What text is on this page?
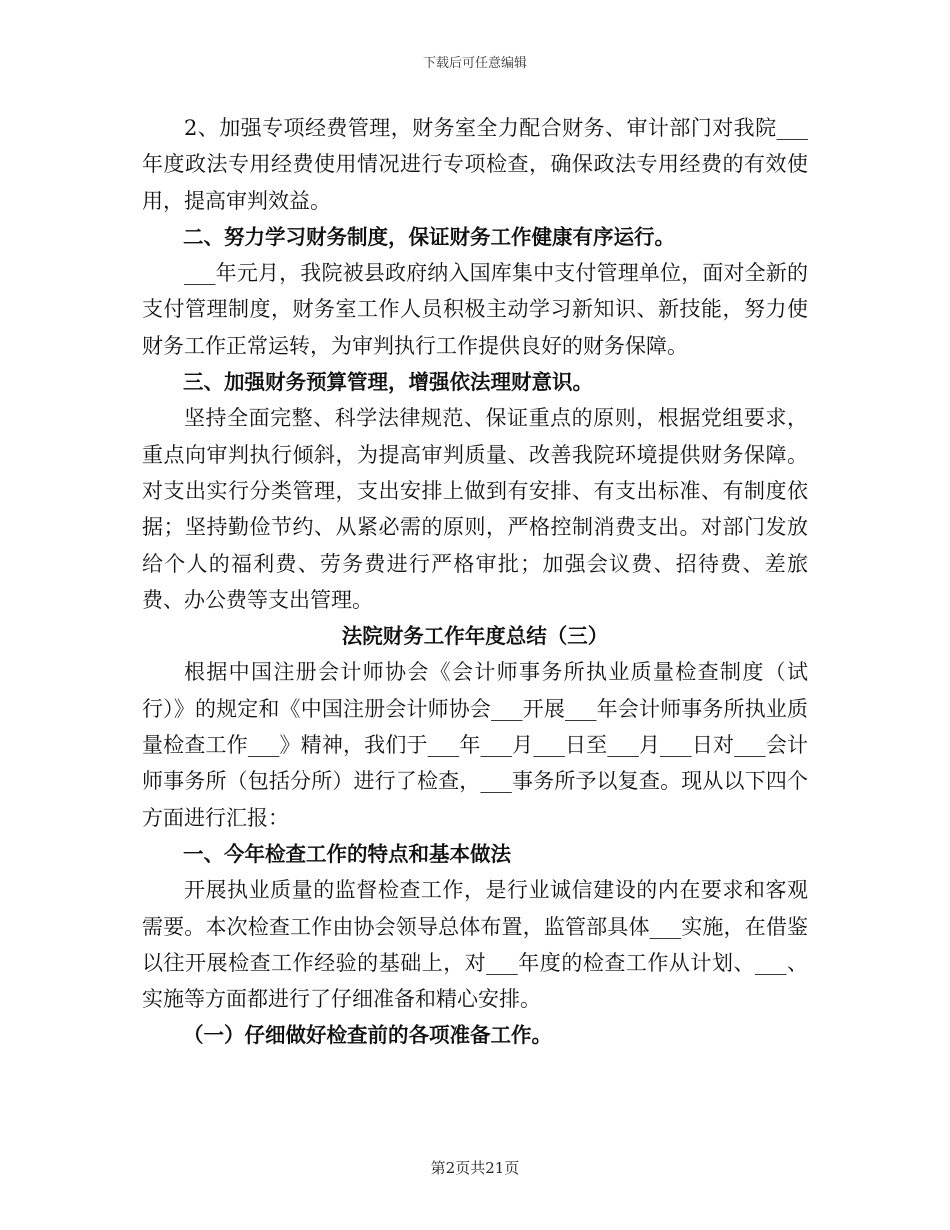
下载后可任意编辑

2、加强专项经费管理，财务室全力配合财务、审计部门对我院___年度政法专用经费使用情况进行专项检查，确保政法专用经费的有效使用，提高审判效益。

二、努力学习财务制度，保证财务工作健康有序运行。

___年元月，我院被县政府纳入国库集中支付管理单位，面对全新的支付管理制度，财务室工作人员积极主动学习新知识、新技能，努力使财务工作正常运转，为审判执行工作提供良好的财务保障。

三、加强财务预算管理，增强依法理财意识。

坚持全面完整、科学法律规范、保证重点的原则，根据党组要求，重点向审判执行倾斜，为提高审判质量、改善我院环境提供财务保障。对支出实行分类管理，支出安排上做到有安排、有支出标准、有制度依据；坚持勤俭节约、从紧必需的原则，严格控制消费支出。对部门发放给个人的福利费、劳务费进行严格审批；加强会议费、招待费、差旅费、办公费等支出管理。

法院财务工作年度总结（三）

根据中国注册会计师协会《会计师事务所执业质量检查制度（试行）》的规定和《中国注册会计师协会___开展___年会计师事务所执业质量检查工作___》精神，我们于___年___月___日至___月___日对___会计师事务所（包括分所）进行了检查，___事务所予以复查。现从以下四个方面进行汇报：

一、今年检查工作的特点和基本做法

开展执业质量的监督检查工作，是行业诚信建设的内在要求和客观需要。本次检查工作由协会领导总体布置，监管部具体___实施，在借鉴以往开展检查工作经验的基础上，对___年度的检查工作从计划、___、实施等方面都进行了仔细准备和精心安排。

（一）仔细做好检查前的各项准备工作。

第2页共21页
